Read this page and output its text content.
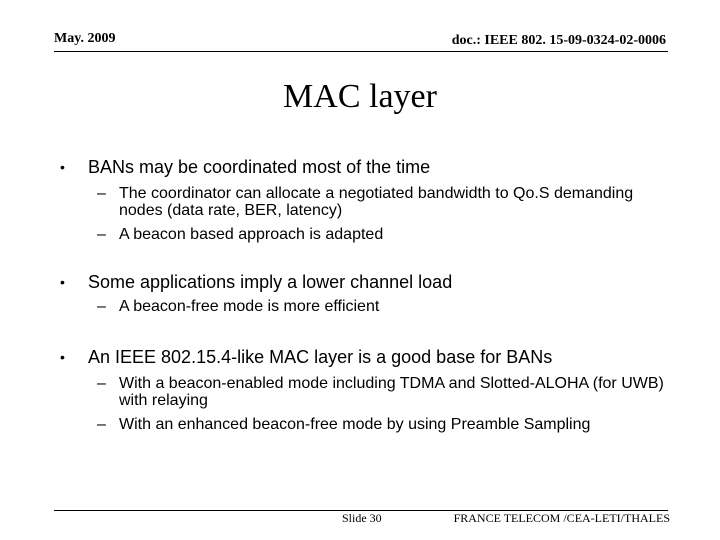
May. 2009	doc.: IEEE 802. 15-09-0324-02-0006
MAC layer
• BANs may be coordinated most of the time
– The coordinator can allocate a negotiated bandwidth to Qo.S demanding nodes (data rate, BER, latency)
– A beacon based approach is adapted
• Some applications imply a lower channel load
– A beacon-free mode is more efficient
• An IEEE 802.15.4-like MAC layer is a good base for BANs
– With a beacon-enabled mode including TDMA and Slotted-ALOHA (for UWB) with relaying
– With an enhanced beacon-free mode by using Preamble Sampling
Slide 30	FRANCE TELECOM /CEA-LETI/THALES
